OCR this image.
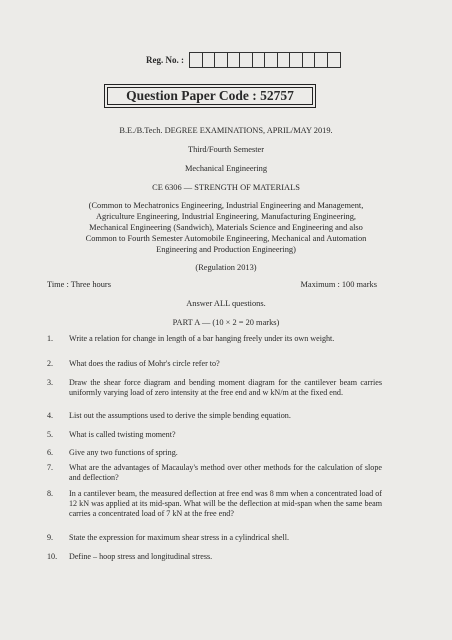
Reg. No. :
Question Paper Code : 52757
B.E./B.Tech. DEGREE EXAMINATIONS, APRIL/MAY 2019.
Third/Fourth Semester
Mechanical Engineering
CE 6306 — STRENGTH OF MATERIALS
(Common to Mechatronics Engineering, Industrial Engineering and Management,
Agriculture Engineering, Industrial Engineering, Manufacturing Engineering,
Mechanical Engineering (Sandwich), Materials Science and Engineering and also
Common to Fourth Semester Automobile Engineering, Mechanical and Automation
Engineering and Production Engineering)
(Regulation 2013)
Time : Three hours	Maximum : 100 marks
Answer ALL questions.
PART A — (10 × 2 = 20 marks)
1.	Write a relation for change in length of a bar hanging freely under its own weight.
2.	What does the radius of Mohr's circle refer to?
3.	Draw the shear force diagram and bending moment diagram for the cantilever beam carries uniformly varying load of zero intensity at the free end and w kN/m at the fixed end.
4.	List out the assumptions used to derive the simple bending equation.
5.	What is called twisting moment?
6.	Give any two functions of spring.
7.	What are the advantages of Macaulay's method over other methods for the calculation of slope and deflection?
8.	In a cantilever beam, the measured deflection at free end was 8 mm when a concentrated load of 12 kN was applied at its mid-span. What will be the deflection at mid-span when the same beam carries a concentrated load of 7 kN at the free end?
9.	State the expression for maximum shear stress in a cylindrical shell.
10.	Define – hoop stress and longitudinal stress.
